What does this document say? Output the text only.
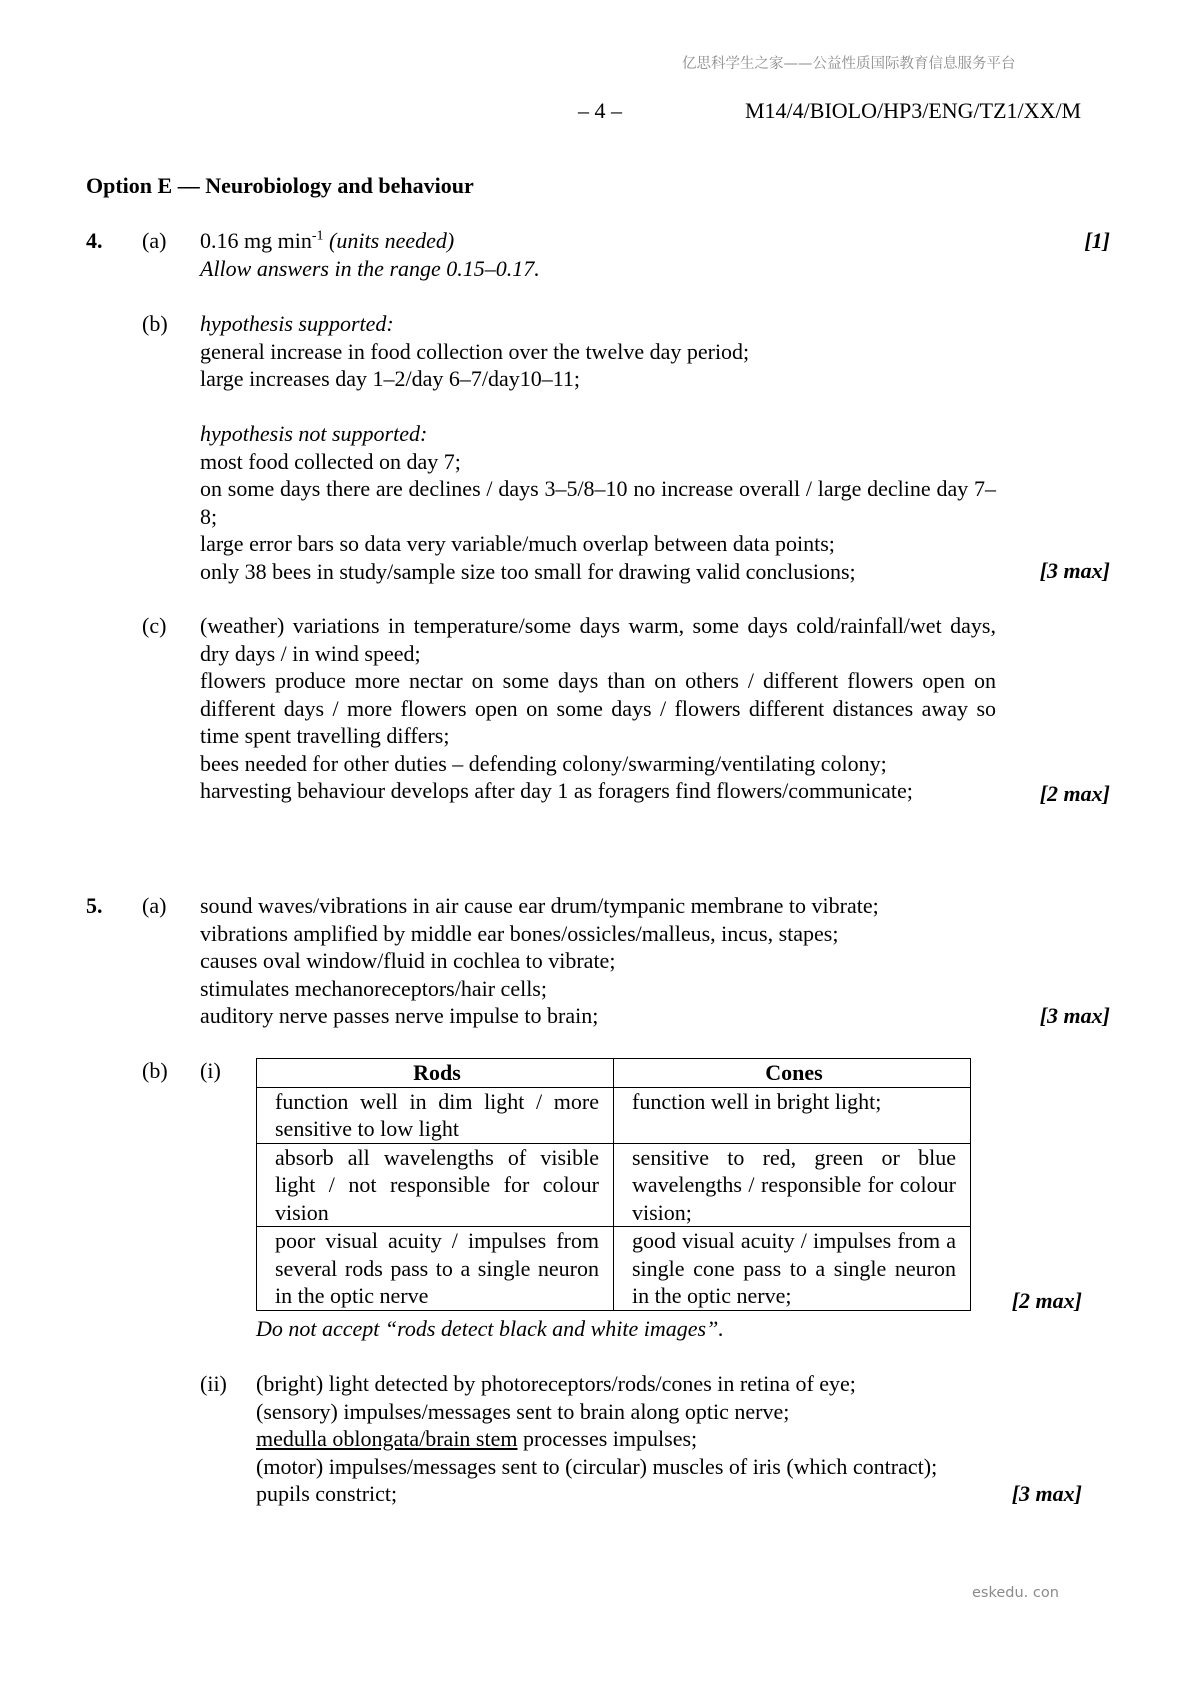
亿思科学生之家——公益性质国际教育信息服务平台
– 4 –	M14/4/BIOLO/HP3/ENG/TZ1/XX/M
Option E — Neurobiology and behaviour
4. (a) 0.16 mg $\min^{-1}$ (units needed)
Allow answers in the range 0.15–0.17.
[1]
(b) hypothesis supported:
general increase in food collection over the twelve day period;
large increases day 1–2/day 6–7/day10–11;
hypothesis not supported:
most food collected on day 7;
on some days there are declines / days 3–5/8–10 no increase overall / large decline day 7–8;
large error bars so data very variable/much overlap between data points;
only 38 bees in study/sample size too small for drawing valid conclusions;	[3 max]
(c) (weather) variations in temperature/some days warm, some days cold/rainfall/wet days, dry days / in wind speed;
flowers produce more nectar on some days than on others / different flowers open on different days / more flowers open on some days / flowers different distances away so time spent travelling differs;
bees needed for other duties – defending colony/swarming/ventilating colony;
harvesting behaviour develops after day 1 as foragers find flowers/communicate;	[2 max]
5. (a) sound waves/vibrations in air cause ear drum/tympanic membrane to vibrate;
vibrations amplified by middle ear bones/ossicles/malleus, incus, stapes;
causes oval window/fluid in cochlea to vibrate;
stimulates mechanoreceptors/hair cells;
auditory nerve passes nerve impulse to brain;	[3 max]
(b) (i)	Rods	Cones
function well in dim light / more sensitive to low light	function well in bright light;
absorb all wavelengths of visible light / not responsible for colour vision	sensitive to red, green or blue wavelengths / responsible for colour vision;
poor visual acuity / impulses from several rods pass to a single neuron in the optic nerve	good visual acuity / impulses from a single cone pass to a single neuron in the optic nerve;	[2 max]
Do not accept “rods detect black and white images”.
(ii) (bright) light detected by photoreceptors/rods/cones in retina of eye;
(sensory) impulses/messages sent to brain along optic nerve;
medulla oblongata/brain stem processes impulses;
(motor) impulses/messages sent to (circular) muscles of iris (which contract);
pupils constrict;	[3 max]
eskedu. con
